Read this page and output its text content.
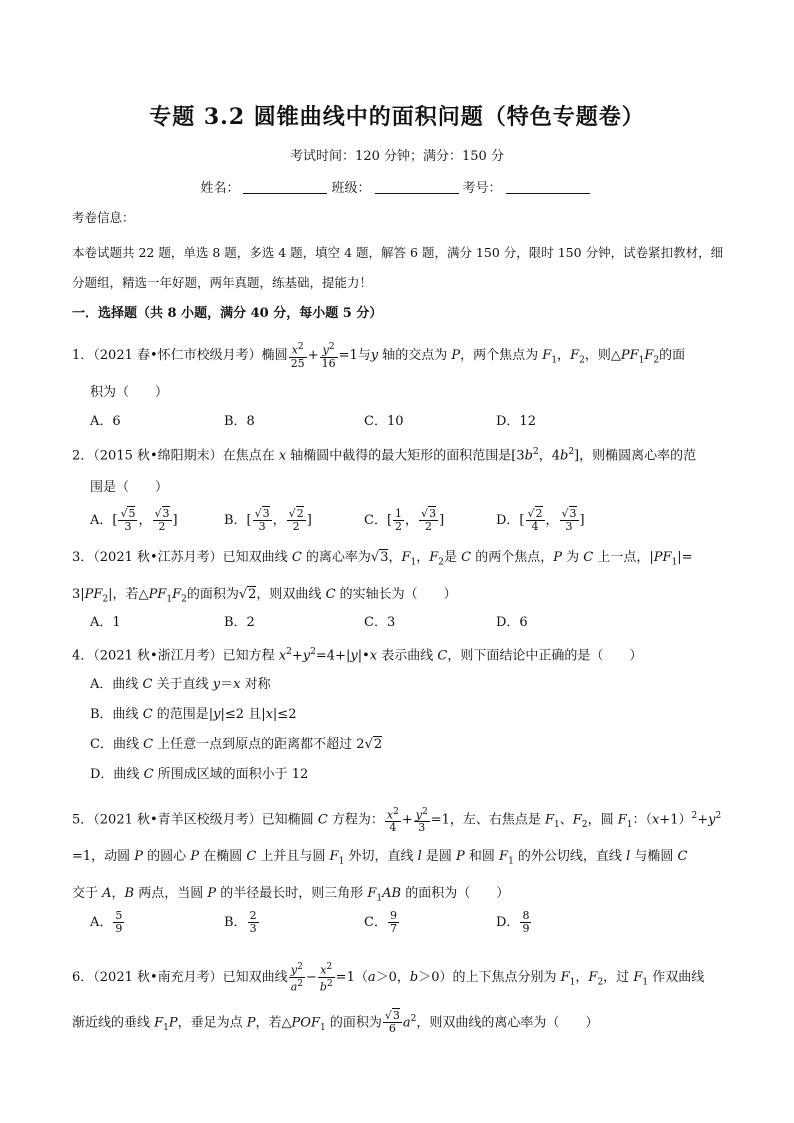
专题 3.2 圆锥曲线中的面积问题（特色专题卷）
考试时间：120 分钟；满分：150 分
姓名：	班级：	考号：
考卷信息：
本卷试题共 22 题，单选 8 题，多选 4 题，填空 4 题，解答 6 题，满分 150 分，限时 150 分钟，试卷紧扣教材，细分题组，精选一年好题，两年真题，练基础，提能力！
一．选择题（共 8 小题，满分 40 分，每小题 5 分）
1．（2021 春•怀仁市校级月考）椭圆 $\frac{x^2}{25} + \frac{y^2}{16} =1$与y 轴的交点为 P，两个焦点为 $F_1$，$F_2$，则$\triangle PF_1F_2$的面
积为（　　）
A．6	B．8	C．10	D．12
2．（2015 秋•绵阳期末）在焦点在 x 轴椭圆中截得的最大矩形的面积范围是[$3b^2$，$4b^2$]，则椭圆离心率的范
围是（　　）
A．[ $\frac{√5}{3}$ ， $\frac{√3}{2}$ ]	B．[ $\frac{√3}{3}$ ， $\frac{√2}{2}$ ]	C．[ $\frac{1}{2}$ ， $\frac{√3}{2}$ ]	D．[ $\frac{√2}{4}$ ， $\frac{√3}{3}$ ]
3．（2021 秋•江苏月考）已知双曲线 C 的离心率为√3，$F_1$，$F_2$是 C 的两个焦点，P 为 C 上一点，$|PF_1|=$
$3|PF_2|$，若$\triangle PF_1F_2$的面积为√2，则双曲线 C 的实轴长为（　　）
A．1	B．2	C．3	D．6
4．（2021 秋•浙江月考）已知方程 $x^2+y^2=4+|y|•x$ 表示曲线 C，则下面结论中正确的是（　　）
A．曲线 C 关于直线 y＝x 对称
B．曲线 C 的范围是|y|≤2 且|x|≤2
C．曲线 C 上任意一点到原点的距离都不超过 2√2
D．曲线 C 所围成区域的面积小于 12
5．（2021 秋•青羊区校级月考）已知椭圆 C 方程为： $\frac{x^2}{4} + \frac{y^2}{3} =1$，左、右焦点是 $F_1$、$F_2$，圆 $F_1$：$(x+1)^2+y^2$
=1，动圆 P 的圆心 P 在椭圆 C 上并且与圆 $F_1$ 外切，直线 l 是圆 P 和圆 $F_1$ 的外公切线，直线 l 与椭圆 C
交于 A，B 两点，当圆 P 的半径最长时，则三角形 $F_1AB$ 的面积为（　　）
A． $\frac{5}{9}$	B． $\frac{2}{3}$	C． $\frac{9}{7}$	D． $\frac{8}{9}$
6．（2021 秋•南充月考）已知双曲线 $\frac{y^2}{a^2} - \frac{x^2}{b^2} =1(a>0$，b＞0）的上下焦点分别为 $F_1$，$F_2$，过 $F_1$ 作双曲线
渐近线的垂线 $F_1P$，垂足为点 P，若$\triangle POF_1$ 的面积为 $\frac{√3}{6} a^2$，则双曲线的离心率为（　　）
